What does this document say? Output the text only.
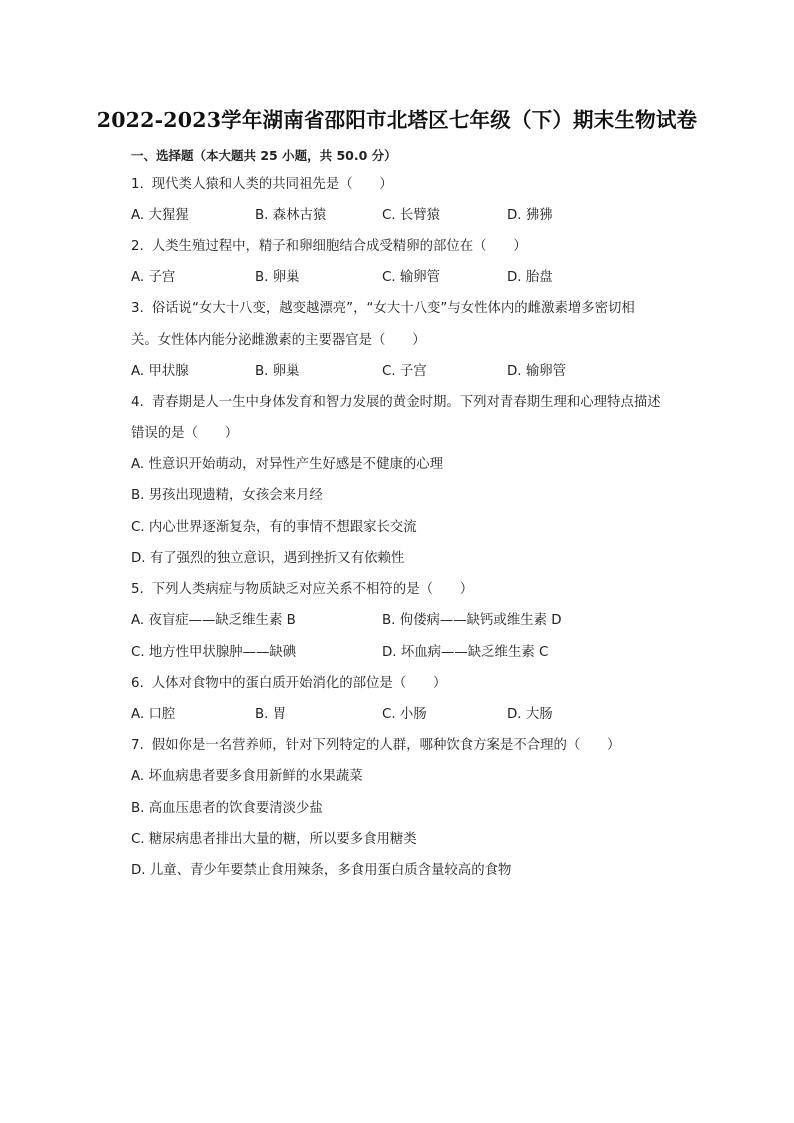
2022-2023学年湖南省邵阳市北塔区七年级（下）期末生物试卷
一、选择题（本大题共 25 小题，共 50.0 分）
1. 现代类人猿和人类的共同祖先是（　　）
A. 大猩猩	B. 森林古猿	C. 长臂猿	D. 狒狒
2. 人类生殖过程中，精子和卵细胞结合成受精卵的部位在（　　）
A. 子宫	B. 卵巢	C. 输卵管	D. 胎盘
3. 俗话说“女大十八变，越变越漂亮”，“女大十八变”与女性体内的雌激素增多密切相
关。女性体内能分泌雌激素的主要器官是（　　）
A. 甲状腺	B. 卵巢	C. 子宫	D. 输卵管
4. 青春期是人一生中身体发育和智力发展的黄金时期。下列对青春期生理和心理特点描述
错误的是（　　）
A. 性意识开始萌动，对异性产生好感是不健康的心理
B. 男孩出现遗精，女孩会来月经
C. 内心世界逐渐复杂，有的事情不想跟家长交流
D. 有了强烈的独立意识，遇到挫折又有依赖性
5. 下列人类病症与物质缺乏对应关系不相符的是（　　）
A. 夜盲症——缺乏维生素 B	B. 佝偻病——缺钙或维生素 D
C. 地方性甲状腺肿——缺碘	D. 坏血病——缺乏维生素 C
6. 人体对食物中的蛋白质开始消化的部位是（　　）
A. 口腔	B. 胃	C. 小肠	D. 大肠
7. 假如你是一名营养师，针对下列特定的人群，哪种饮食方案是不合理的（　　）
A. 坏血病患者要多食用新鲜的水果蔬菜
B. 高血压患者的饮食要清淡少盐
C. 糖尿病患者排出大量的糖，所以要多食用糖类
D. 儿童、青少年要禁止食用辣条，多食用蛋白质含量较高的食物
